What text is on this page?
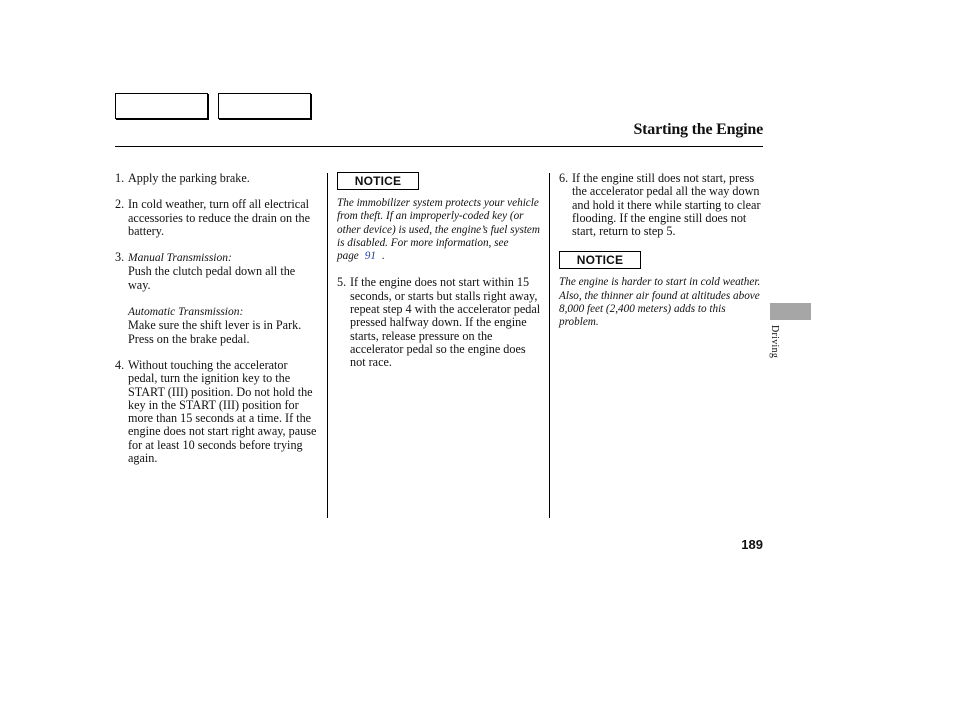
Starting the Engine
1. Apply the parking brake.
2. In cold weather, turn off all electrical accessories to reduce the drain on the battery.
3. Manual Transmission:
Push the clutch pedal down all the way.
Automatic Transmission:
Make sure the shift lever is in Park. Press on the brake pedal.
4. Without touching the accelerator pedal, turn the ignition key to the START (III) position. Do not hold the key in the START (III) position for more than 15 seconds at a time. If the engine does not start right away, pause for at least 10 seconds before trying again.
NOTICE
The immobilizer system protects your vehicle from theft. If an improperly-coded key (or other device) is used, the engine’s fuel system is disabled. For more information, see page 91 .
5. If the engine does not start within 15 seconds, or starts but stalls right away, repeat step 4 with the accelerator pedal pressed halfway down. If the engine starts, release pressure on the accelerator pedal so the engine does not race.
6. If the engine still does not start, press the accelerator pedal all the way down and hold it there while starting to clear flooding. If the engine still does not start, return to step 5.
NOTICE
The engine is harder to start in cold weather. Also, the thinner air found at altitudes above 8,000 feet (2,400 meters) adds to this problem.
Driving
189
